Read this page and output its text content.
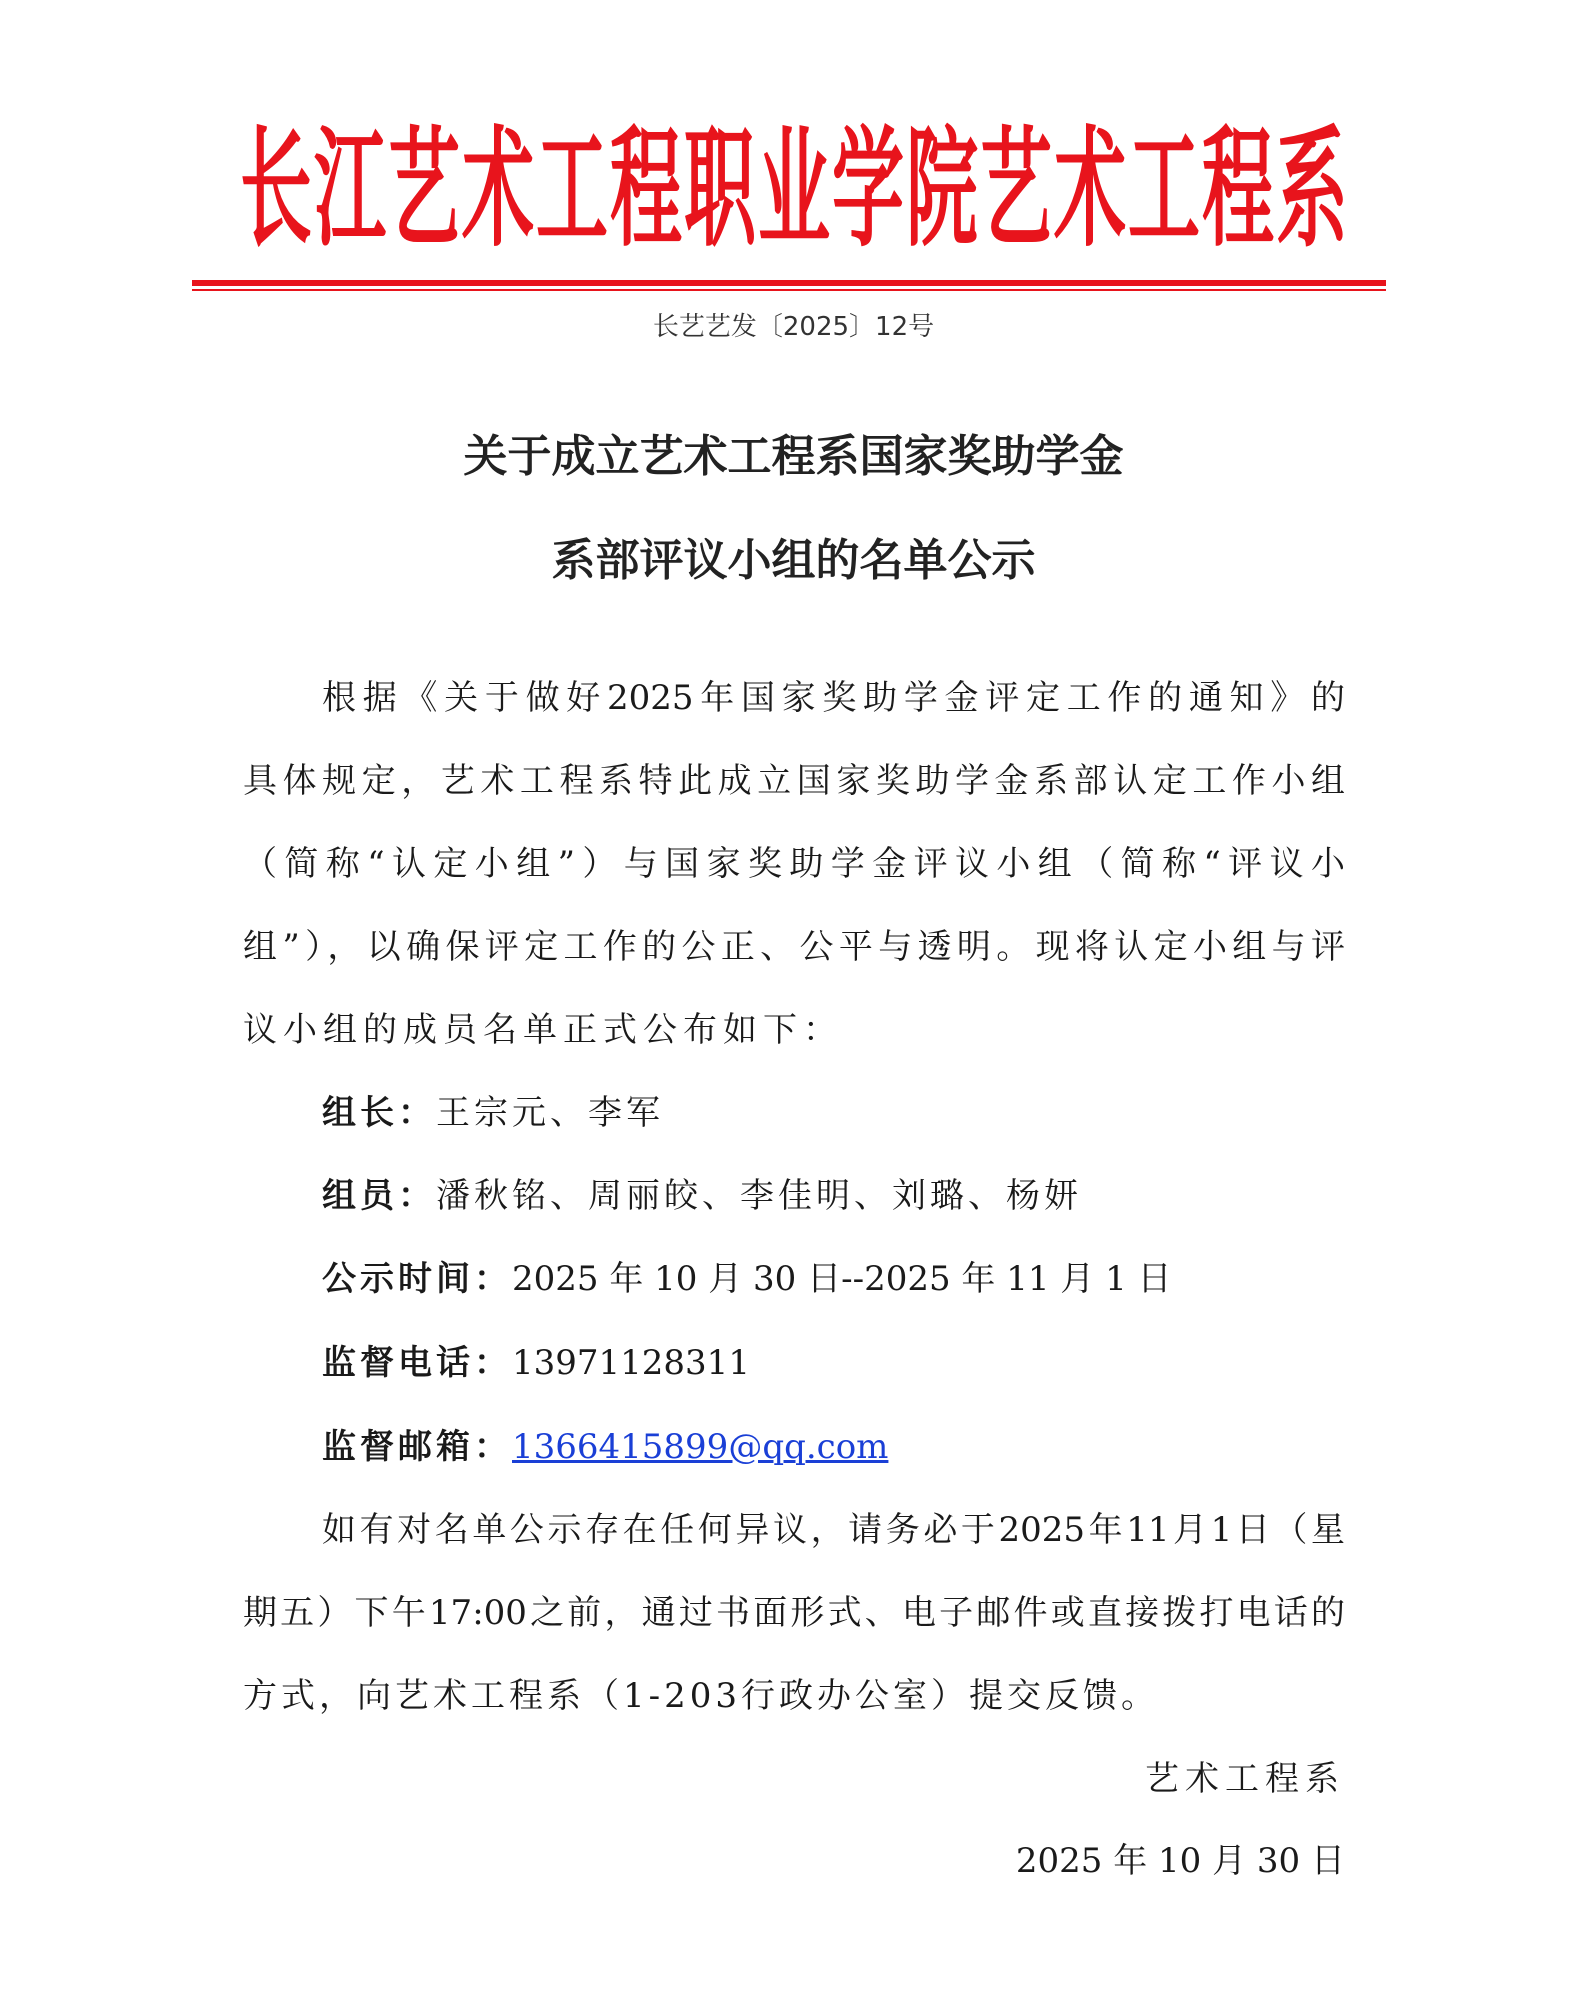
长江艺术工程职业学院艺术工程系
长艺艺发〔2025〕12号
关于成立艺术工程系国家奖助学金
系部评议小组的名单公示
根据《关于做好2025年国家奖助学金评定工作的通知》的
具体规定，艺术工程系特此成立国家奖助学金系部认定工作小组
（简称“认定小组”）与国家奖助学金评议小组（简称“评议小
组”），以确保评定工作的公正、公平与透明。现将认定小组与评
议小组的成员名单正式公布如下：
组长：王宗元、李军
组员：潘秋铭、周丽皎、李佳明、刘璐、杨妍
公示时间：2025 年 10 月 30 日--2025 年 11 月 1 日
监督电话：13971128311
监督邮箱：1366415899@qq.com
如有对名单公示存在任何异议，请务必于2025年11月1日（星
期五）下午17:00之前，通过书面形式、电子邮件或直接拨打电话的
方式，向艺术工程系（1-203行政办公室）提交反馈。
艺术工程系
2025 年 10 月 30 日
